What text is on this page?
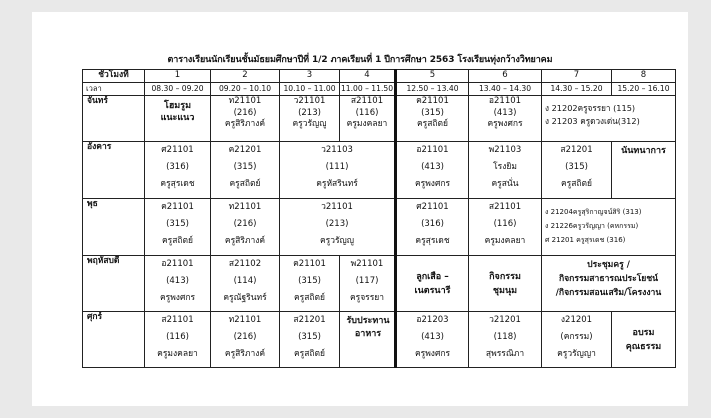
ตารางเรียนนักเรียนชั้นมัธยมศึกษาปีที่ 1/2 ภาคเรียนที่ 1 ปีการศึกษา 2563 โรงเรียนทุ่งกว้างวิทยาคม
ชั่วโมงที่	1	2	3	4	5	6	7	8
เวลา	08.30 – 09.20	09.20 – 10.10	10.10 – 11.00	11.00 – 11.50	12.50 – 13.40	13.40 – 14.30	14.30 – 15.20	15.20 – 16.10
จันทร์	โฮมรูม แนะแนว	ท21101
(216)
ครูสิริภางค์	ว21101
(213)
ครูวรัญญู	ส21101
(116)
ครูมงคลยา	ค21101
(315)
ครูสถิตย์	อ21101
(413)
ครูพงศกร	ง 21202ครูจรรยา (115)
ง 21203 ครูดวงเด่น(312)	

อังคาร	ศ21101
(316)
ครูสุรเดช	ค21201
(315)
ครูสถิตย์	ว21103
(111)
ครูหัสรินทร์		อ21101
(413)
ครูพงศกร	พ21103
โรงยิม
ครูสนั่น	ส21201
(315)
ครูสถิตย์	นันทนาการ
พุธ	ค21101
(315)
ครูสถิตย์	ท21101
(216)
ครูสิริภางค์	ว21101
(213)
ครูวรัญญู		ศ21101
(316)
ครูสุรเดช	ส21101
(116)
ครูมงคลยา	ง 21204ครูสุริกาญจน์สิริ (313)
ง 21226ครูวรัญญา (คหกรรม)
ศ 21201 ครูสุรเดช (316)	

พฤหัสบดี	อ21101
(413)
ครูพงศกร	ส21102
(114)
ครูณัฐรินทร์	ค21101
(315)
ครูสถิตย์	พ21101
(117)
ครูจรรยา	ลูกเสือ – เนตรนารี	กิจกรรม ชุมนุม	ประชุมครู /
กิจกรรมสาธารณประโยชน์
/กิจกรรมสอนเสริม/โครงงาน	

ศุกร์	ส21101
(116)
ครูมงคลยา	ท21101
(216)
ครูสิริภางค์	ส21201
(315)
ครูสถิตย์	รับประทาน อาหาร	อ21203
(413)
ครูพงศกร	ว21201
(118)
สุพรรณิภา	ง21201
(คกรรม)
ครูวรัญญา	อบรม คุณธรรม
